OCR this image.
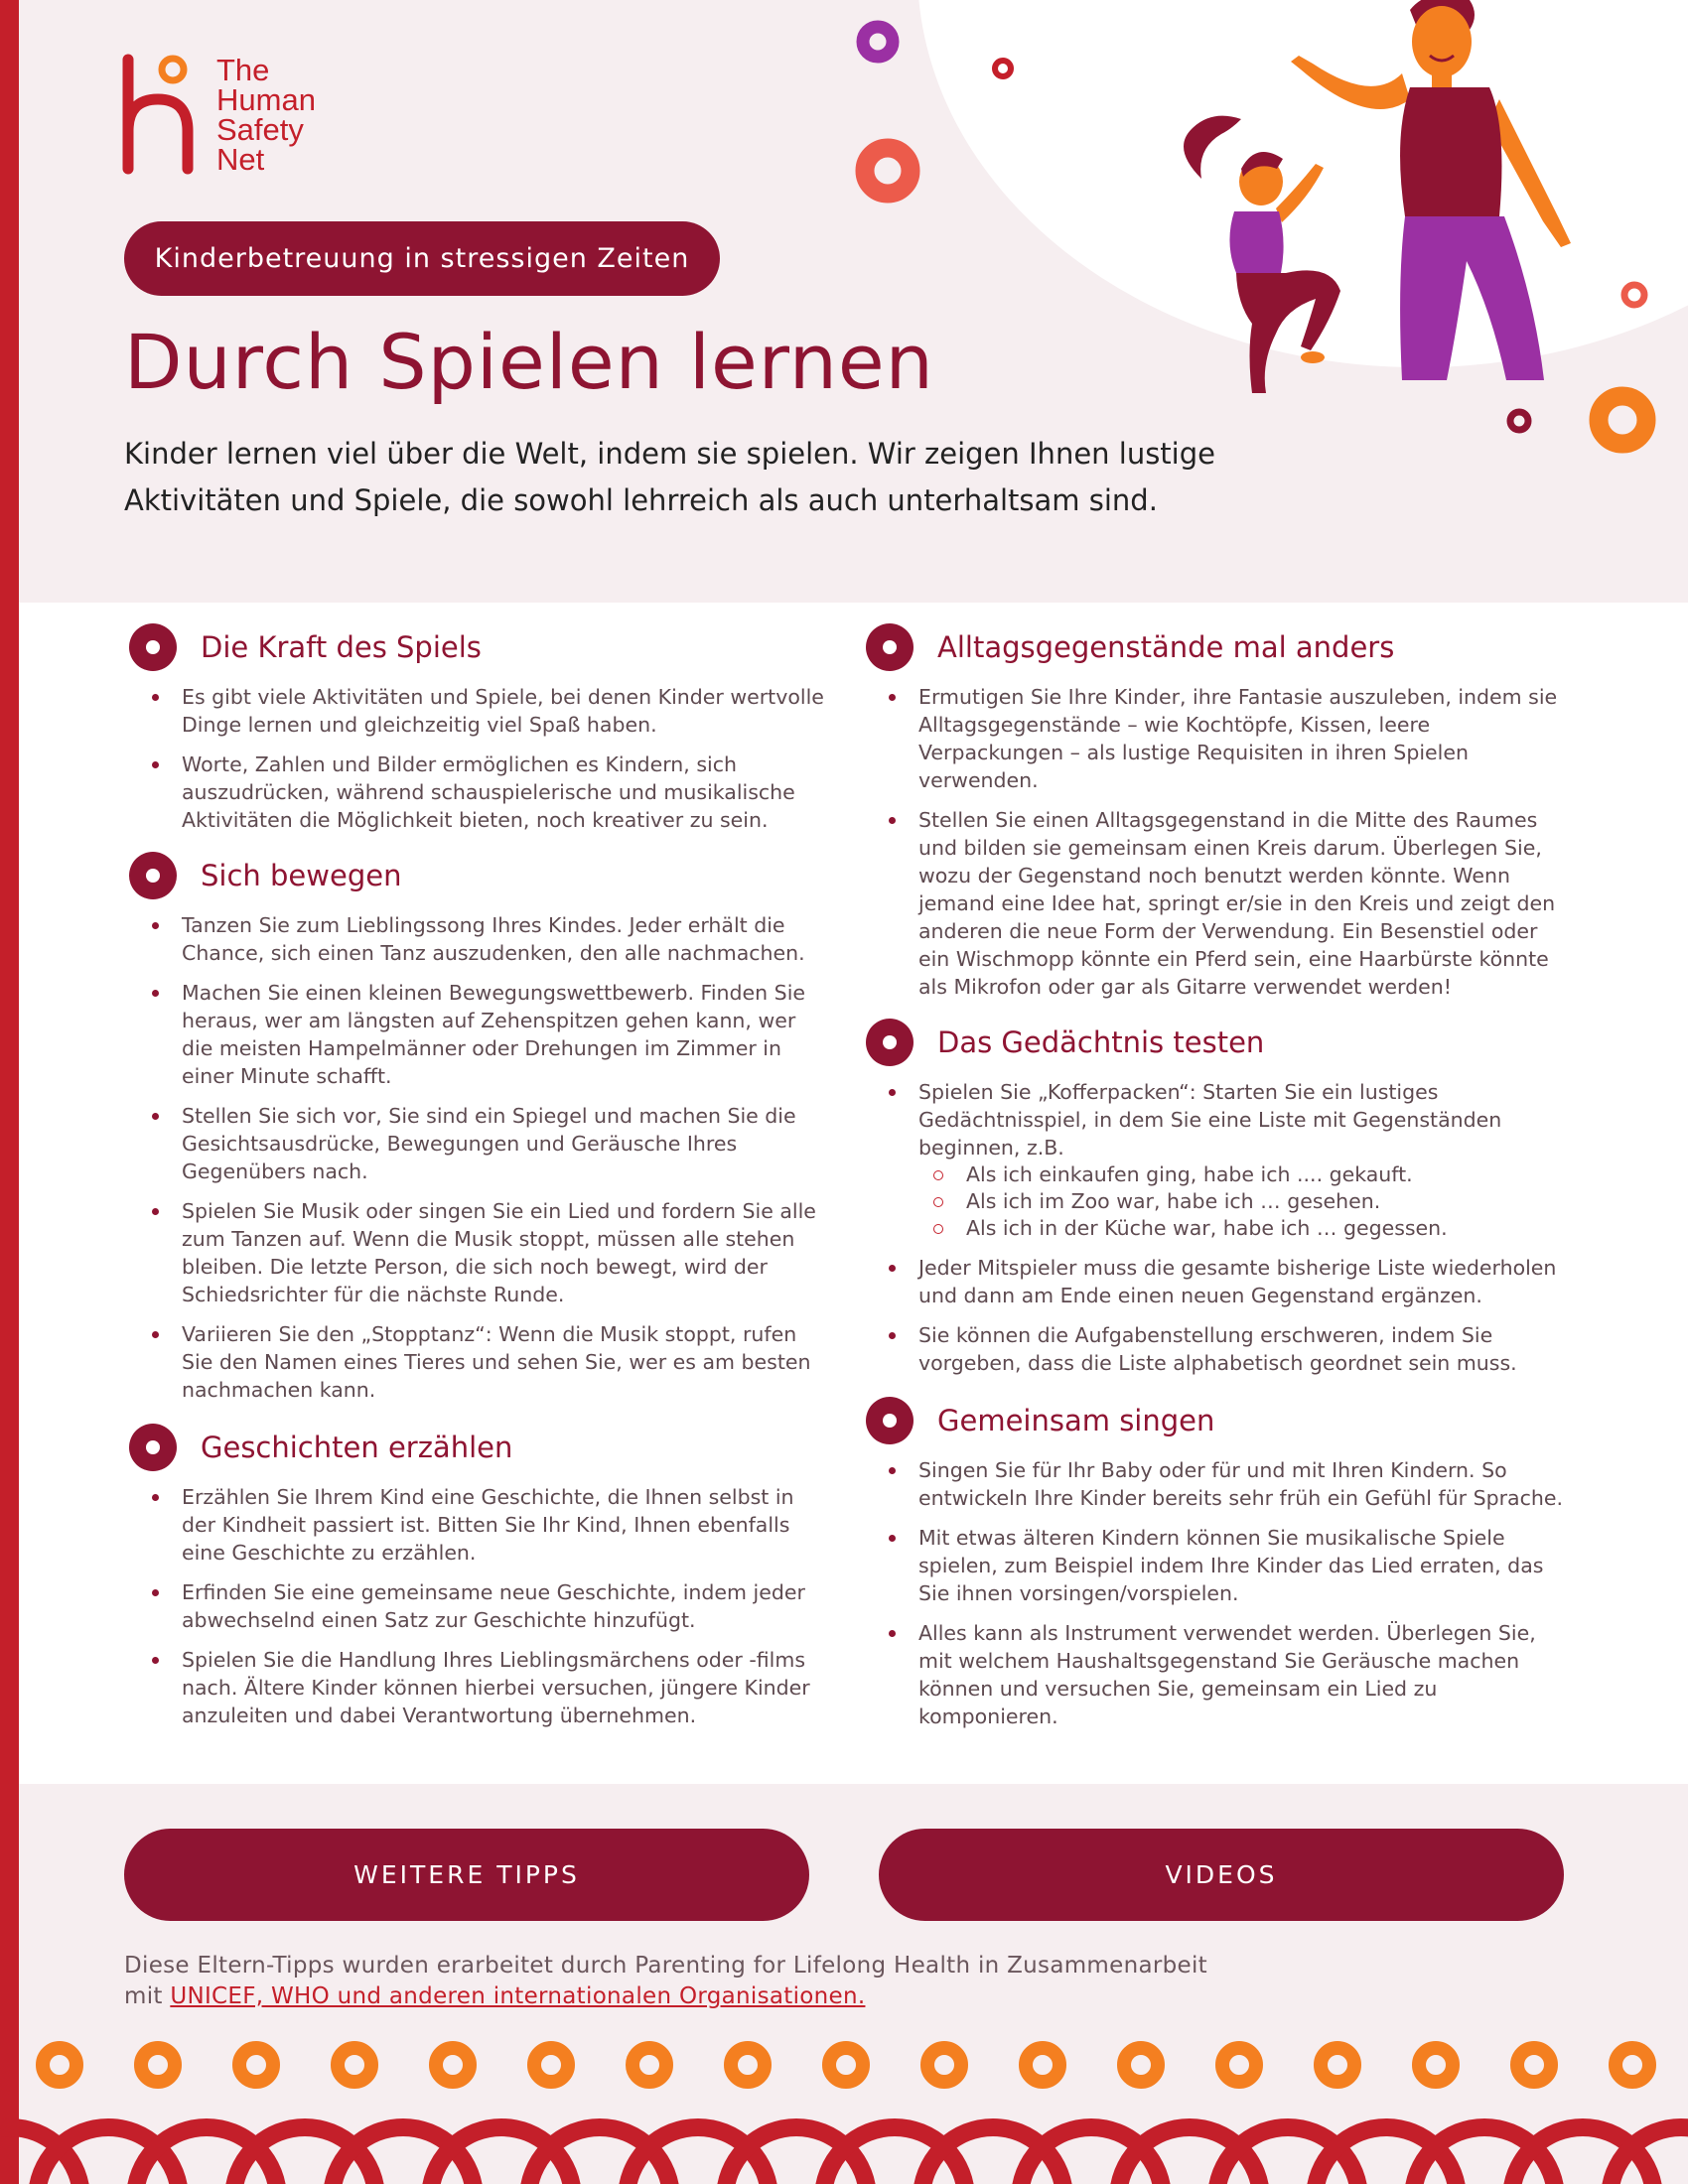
The
Human
Safety
Net
Kinderbetreuung in stressigen Zeiten
Durch Spielen lernen

Kinder lernen viel über die Welt, indem sie spielen. Wir zeigen Ihnen lustige Aktivitäten und Spiele, die sowohl lehrreich als auch unterhaltsam sind.

Die Kraft des Spiels
Es gibt viele Aktivitäten und Spiele, bei denen Kinder wertvolle Dinge lernen und gleichzeitig viel Spaß haben.
Worte, Zahlen und Bilder ermöglichen es Kindern, sich auszudrücken, während schauspielerische und musikalische Aktivitäten die Möglichkeit bieten, noch kreativer zu sein.
Sich bewegen
Tanzen Sie zum Lieblingssong Ihres Kindes. Jeder erhält die Chance, sich einen Tanz auszudenken, den alle nachmachen.
Machen Sie einen kleinen Bewegungswettbewerb. Finden Sie heraus, wer am längsten auf Zehenspitzen gehen kann, wer die meisten Hampelmänner oder Drehungen im Zimmer in einer Minute schafft.
Stellen Sie sich vor, Sie sind ein Spiegel und machen Sie die Gesichtsausdrücke, Bewegungen und Geräusche Ihres Gegenübers nach.
Spielen Sie Musik oder singen Sie ein Lied und fordern Sie alle zum Tanzen auf. Wenn die Musik stoppt, müssen alle stehen bleiben. Die letzte Person, die sich noch bewegt, wird der Schiedsrichter für die nächste Runde.
Variieren Sie den „Stopptanz“: Wenn die Musik stoppt, rufen Sie den Namen eines Tieres und sehen Sie, wer es am besten nachmachen kann.
Geschichten erzählen
Erzählen Sie Ihrem Kind eine Geschichte, die Ihnen selbst in der Kindheit passiert ist. Bitten Sie Ihr Kind, Ihnen ebenfalls eine Geschichte zu erzählen.
Erfinden Sie eine gemeinsame neue Geschichte, indem jeder abwechselnd einen Satz zur Geschichte hinzufügt.
Spielen Sie die Handlung Ihres Lieblingsmärchens oder -films nach. Ältere Kinder können hierbei versuchen, jüngere Kinder anzuleiten und dabei Verantwortung übernehmen.
Alltagsgegenstände mal anders
Ermutigen Sie Ihre Kinder, ihre Fantasie auszuleben, indem sie Alltagsgegenstände – wie Kochtöpfe, Kissen, leere Verpackungen – als lustige Requisiten in ihren Spielen verwenden.
Stellen Sie einen Alltagsgegenstand in die Mitte des Raumes und bilden sie gemeinsam einen Kreis darum. Überlegen Sie, wozu der Gegenstand noch benutzt werden könnte. Wenn jemand eine Idee hat, springt er/sie in den Kreis und zeigt den anderen die neue Form der Verwendung. Ein Besenstiel oder ein Wischmopp könnte ein Pferd sein, eine Haarbürste könnte als Mikrofon oder gar als Gitarre verwendet werden!
Das Gedächtnis testen
Spielen Sie „Kofferpacken“: Starten Sie ein lustiges Gedächtnisspiel, in dem Sie eine Liste mit Gegenständen beginnen, z.B.
Als ich einkaufen ging, habe ich .... gekauft.
Als ich im Zoo war, habe ich … gesehen.
Als ich in der Küche war, habe ich … gegessen.
Jeder Mitspieler muss die gesamte bisherige Liste wiederholen und dann am Ende einen neuen Gegenstand ergänzen.
Sie können die Aufgabenstellung erschweren, indem Sie vorgeben, dass die Liste alphabetisch geordnet sein muss.
Gemeinsam singen
Singen Sie für Ihr Baby oder für und mit Ihren Kindern. So entwickeln Ihre Kinder bereits sehr früh ein Gefühl für Sprache.
Mit etwas älteren Kindern können Sie musikalische Spiele spielen, zum Beispiel indem Ihre Kinder das Lied erraten, das Sie ihnen vorsingen/vorspielen.
Alles kann als Instrument verwendet werden. Überlegen Sie, mit welchem Haushaltsgegenstand Sie Geräusche machen können und versuchen Sie, gemeinsam ein Lied zu komponieren.
WEITERE TIPPS	VIDEOS

Diese Eltern-Tipps wurden erarbeitet durch Parenting for Lifelong Health in Zusammenarbeit
mit UNICEF, WHO und anderen internationalen Organisationen.
